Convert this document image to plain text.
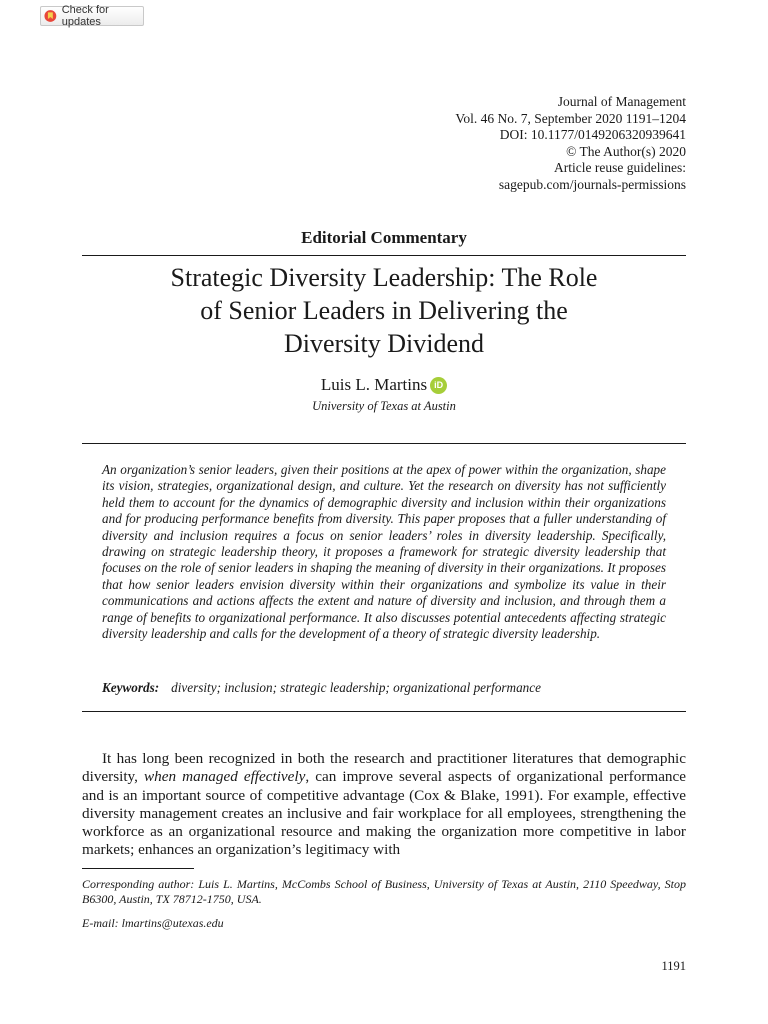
Check for updates
Journal of Management
Vol. 46 No. 7, September 2020 1191–1204
DOI: 10.1177/0149206320939641
© The Author(s) 2020
Article reuse guidelines:
sagepub.com/journals-permissions
Editorial Commentary
Strategic Diversity Leadership: The Role
of Senior Leaders in Delivering the
Diversity Dividend
Luis L. Martins iD
University of Texas at Austin
An organization’s senior leaders, given their positions at the apex of power within the organization, shape its vision, strategies, organizational design, and culture. Yet the research on diversity has not sufficiently held them to account for the dynamics of demographic diversity and inclusion within their organizations and for producing performance benefits from diversity. This paper proposes that a fuller understanding of diversity and inclusion requires a focus on senior leaders’ roles in diversity leadership. Specifically, drawing on strategic leadership theory, it proposes a framework for strategic diversity leadership that focuses on the role of senior leaders in shaping the meaning of diversity in their organizations. It proposes that how senior leaders envision diversity within their organizations and symbolize its value in their communications and actions affects the extent and nature of diversity and inclusion, and through them a range of benefits to organizational performance. It also discusses potential antecedents affecting strategic diversity leadership and calls for the development of a theory of strategic diversity leadership.
Keywords: diversity; inclusion; strategic leadership; organizational performance

It has long been recognized in both the research and practitioner literatures that demographic diversity, when managed effectively, can improve several aspects of organizational performance and is an important source of competitive advantage (Cox & Blake, 1991). For example, effective diversity management creates an inclusive and fair workplace for all employees, strengthening the workforce as an organizational resource and making the organization more competitive in labor markets; enhances an organization’s legitimacy with

Corresponding author: Luis L. Martins, McCombs School of Business, University of Texas at Austin, 2110 Speedway, Stop B6300, Austin, TX 78712-1750, USA.
E-mail: lmartins@utexas.edu
1191
